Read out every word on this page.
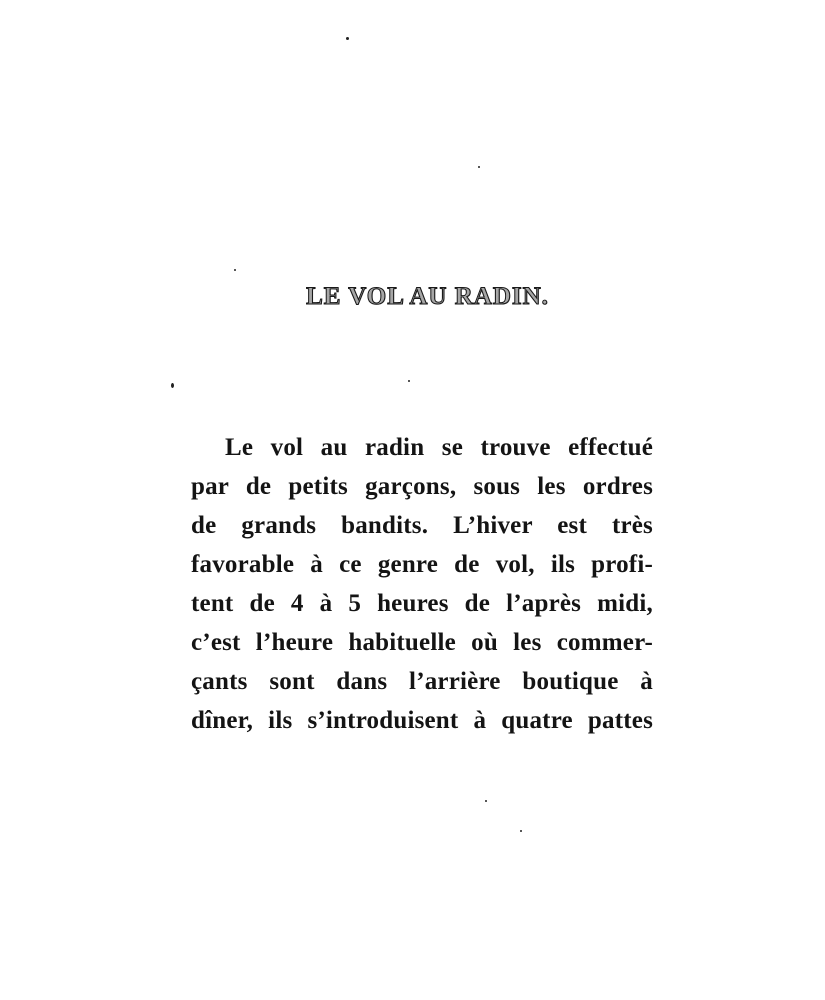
LE VOL AU RADIN.
Le vol au radin se trouve effectué
par de petits garçons, sous les ordres
de grands bandits. L’hiver est très
favorable à ce genre de vol, ils profi-
tent de 4 à 5 heures de l’après midi,
c’est l’heure habituelle où les commer-
çants sont dans l’arrière boutique à
dîner, ils s’introduisent à quatre pattes
